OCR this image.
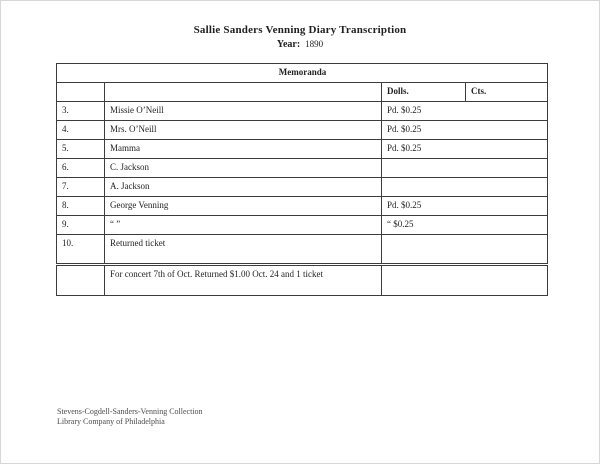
Sallie Sanders Venning Diary Transcription
Year: 1890
Memoranda			
		Dolls.	Cts.
3.	Missie O’Neill	Pd. $0.25	
4.	Mrs. O’Neill	Pd. $0.25	
5.	Mamma	Pd. $0.25	
6.	C. Jackson		
7.	A. Jackson		
8.	George Venning	Pd. $0.25	
9.	“ ”	“ $0.25	
10.	Returned ticket		
	For concert 7th of Oct. Returned $1.00 Oct. 24 and 1 ticket		
Stevens-Cogdell-Sanders-Venning Collection
Library Company of Philadelphia
